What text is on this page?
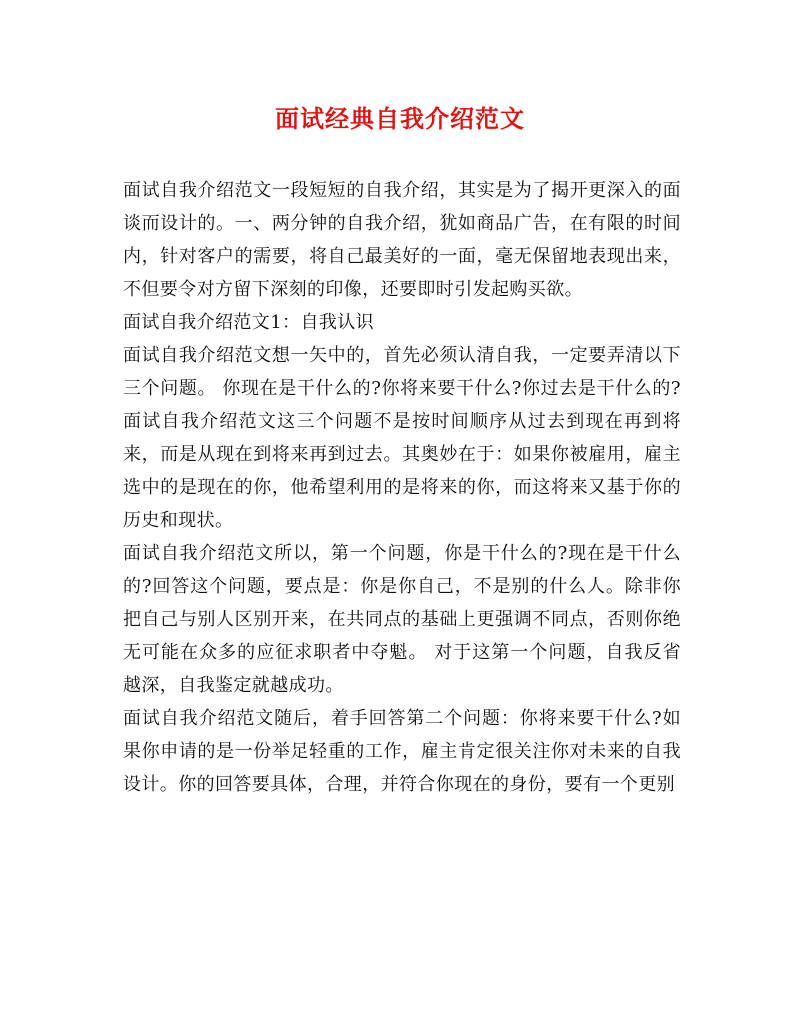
面试经典自我介绍范文

面试自我介绍范文一段短短的自我介绍，其实是为了揭开更深入的面谈而设计的。一、两分钟的自我介绍，犹如商品广告，在有限的时间内，针对客户的需要，将自己最美好的一面，毫无保留地表现出来，不但要令对方留下深刻的印像，还要即时引发起购买欲。

面试自我介绍范文1：自我认识

面试自我介绍范文想一矢中的，首先必须认清自我，一定要弄清以下三个问题。 你现在是干什么的?你将来要干什么?你过去是干什么的?面试自我介绍范文这三个问题不是按时间顺序从过去到现在再到将来，而是从现在到将来再到过去。其奥妙在于：如果你被雇用，雇主选中的是现在的你，他希望利用的是将来的你，而这将来又基于你的历史和现状。

面试自我介绍范文所以，第一个问题，你是干什么的?现在是干什么的?回答这个问题，要点是：你是你自己，不是别的什么人。除非你把自己与别人区别开来，在共同点的基础上更强调不同点，否则你绝无可能在众多的应征求职者中夺魁。 对于这第一个问题，自我反省越深，自我鉴定就越成功。

面试自我介绍范文随后，着手回答第二个问题：你将来要干什么?如果你申请的是一份举足轻重的工作，雇主肯定很关注你对未来的自我设计。你的回答要具体，合理，并符合你现在的身份，要有一个更别
